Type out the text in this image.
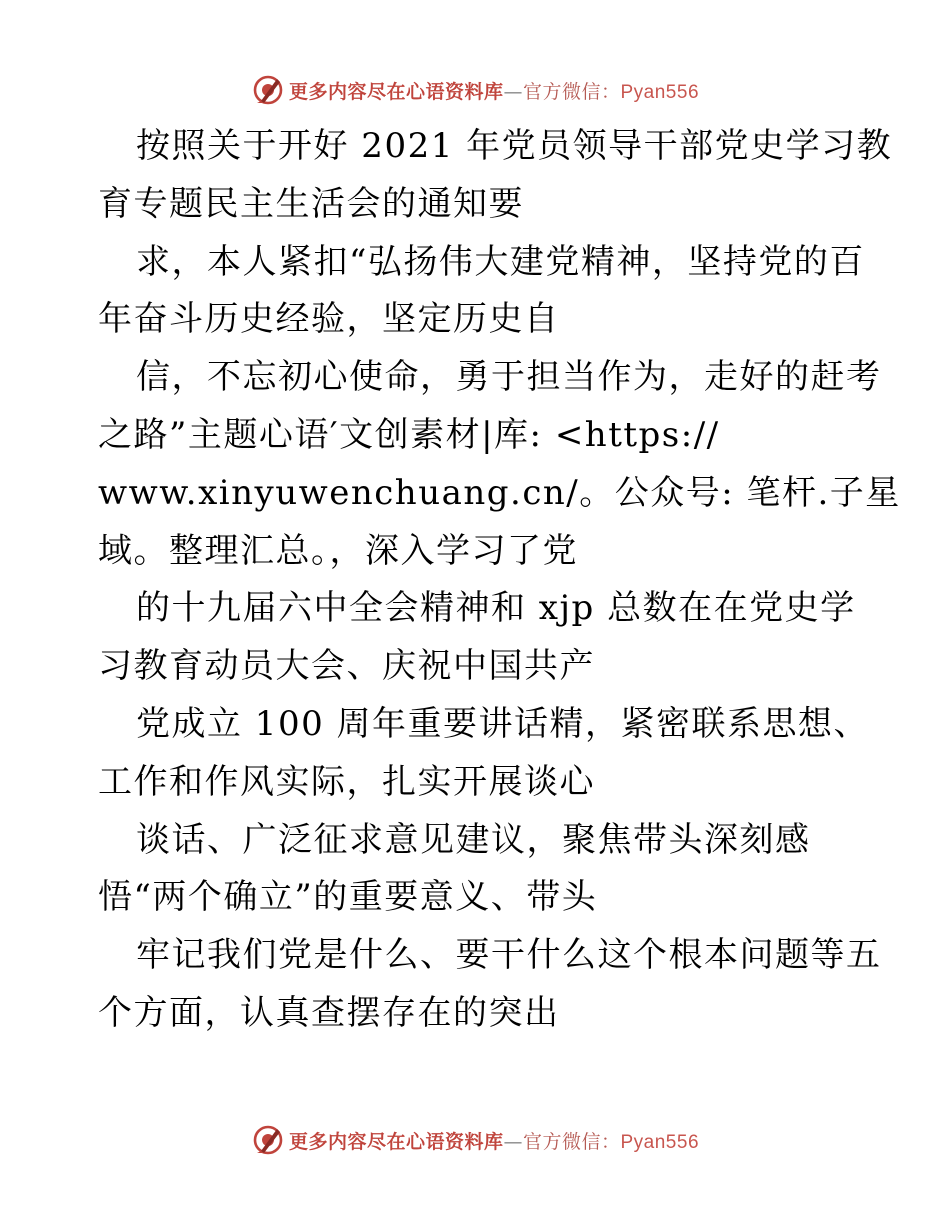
更多内容尽在心语资料库—官方微信：Pyan556
按照关于开好 2021 年党员领导干部党史学习教
育专题民主生活会的通知要
求，本人紧扣“弘扬伟大建党精神，坚持党的百
年奋斗历史经验，坚定历史自
信，不忘初心使命，勇于担当作为，走好的赶考
之路”主题心语′文创素材|库: <https://
www.xinyuwenchuang.cn/。公众号: 笔杆.子星
域。整理汇总。，深入学习了党
的十九届六中全会精神和 xjp 总数在在党史学
习教育动员大会、庆祝中国共产
党成立 100 周年重要讲话精，紧密联系思想、
工作和作风实际，扎实开展谈心
谈话、广泛征求意见建议，聚焦带头深刻感
悟“两个确立”的重要意义、带头
牢记我们党是什么、要干什么这个根本问题等五
个方面，认真查摆存在的突出
更多内容尽在心语资料库—官方微信：Pyan556
